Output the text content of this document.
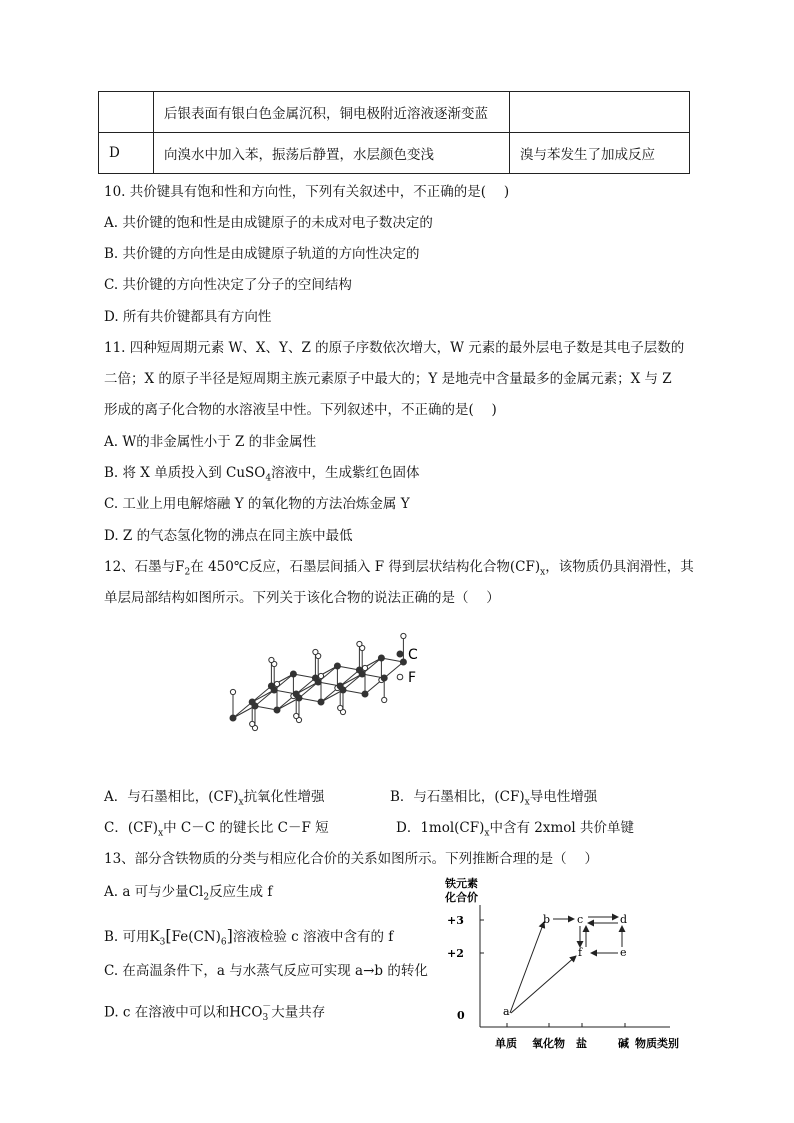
	后银表面有银白色金属沉积，铜电极附近溶液逐渐变蓝	
D	向溴水中加入苯，振荡后静置，水层颜色变浅	溴与苯发生了加成反应
10. 共价键具有饱和性和方向性，下列有关叙述中，不正确的是(　 )
A. 共价键的饱和性是由成键原子的未成对电子数决定的
B. 共价键的方向性是由成键原子轨道的方向性决定的
C. 共价键的方向性决定了分子的空间结构
D. 所有共价键都具有方向性
11. 四种短周期元素 W、X、Y、Z 的原子序数依次增大，W 元素的最外层电子数是其电子层数的
二倍；X 的原子半径是短周期主族元素原子中最大的；Y 是地壳中含量最多的金属元素；X 与 Z
形成的离子化合物的水溶液呈中性。下列叙述中，不正确的是(　 )
A. W的非金属性小于 Z 的非金属性
B. 将 X 单质投入到 CuSO$_4$溶液中，生成紫红色固体
C. 工业上用电解熔融 Y 的氧化物的方法冶炼金属 Y
D. Z 的气态氢化物的沸点在同主族中最低
12、石墨与$F_2$在 450℃反应，石墨层间插入 F 得到层状结构化合物$(CF)_x$，该物质仍具润滑性，其
单层局部结构如图所示。下列关于该化合物的说法正确的是（　 ）
C
F
A．与石墨相比，$(CF)_x$抗氧化性增强	B．与石墨相比，$(CF)_x$导电性增强
C．$(CF)_x$中 C－C 的键长比 C－F 短	D．$1mol(CF)_x$中含有 2xmol 共价单键
13、部分含铁物质的分类与相应化合价的关系如图所示。下列推断合理的是（　 ）
A. a 可与少量$Cl_2$反应生成 f
B. 可用$K_3[Fe(CN)_6]$溶液检验 c 溶液中含有的 f
C. 在高温条件下，a 与水蒸气反应可实现 a→b 的转化
D. c 在溶液中可以和$HCO_3^-$大量共存
铁元素
化合价
+3
+2
0
单质 氧化物 盐	碱 物质类别
a
b c	d
e
f
